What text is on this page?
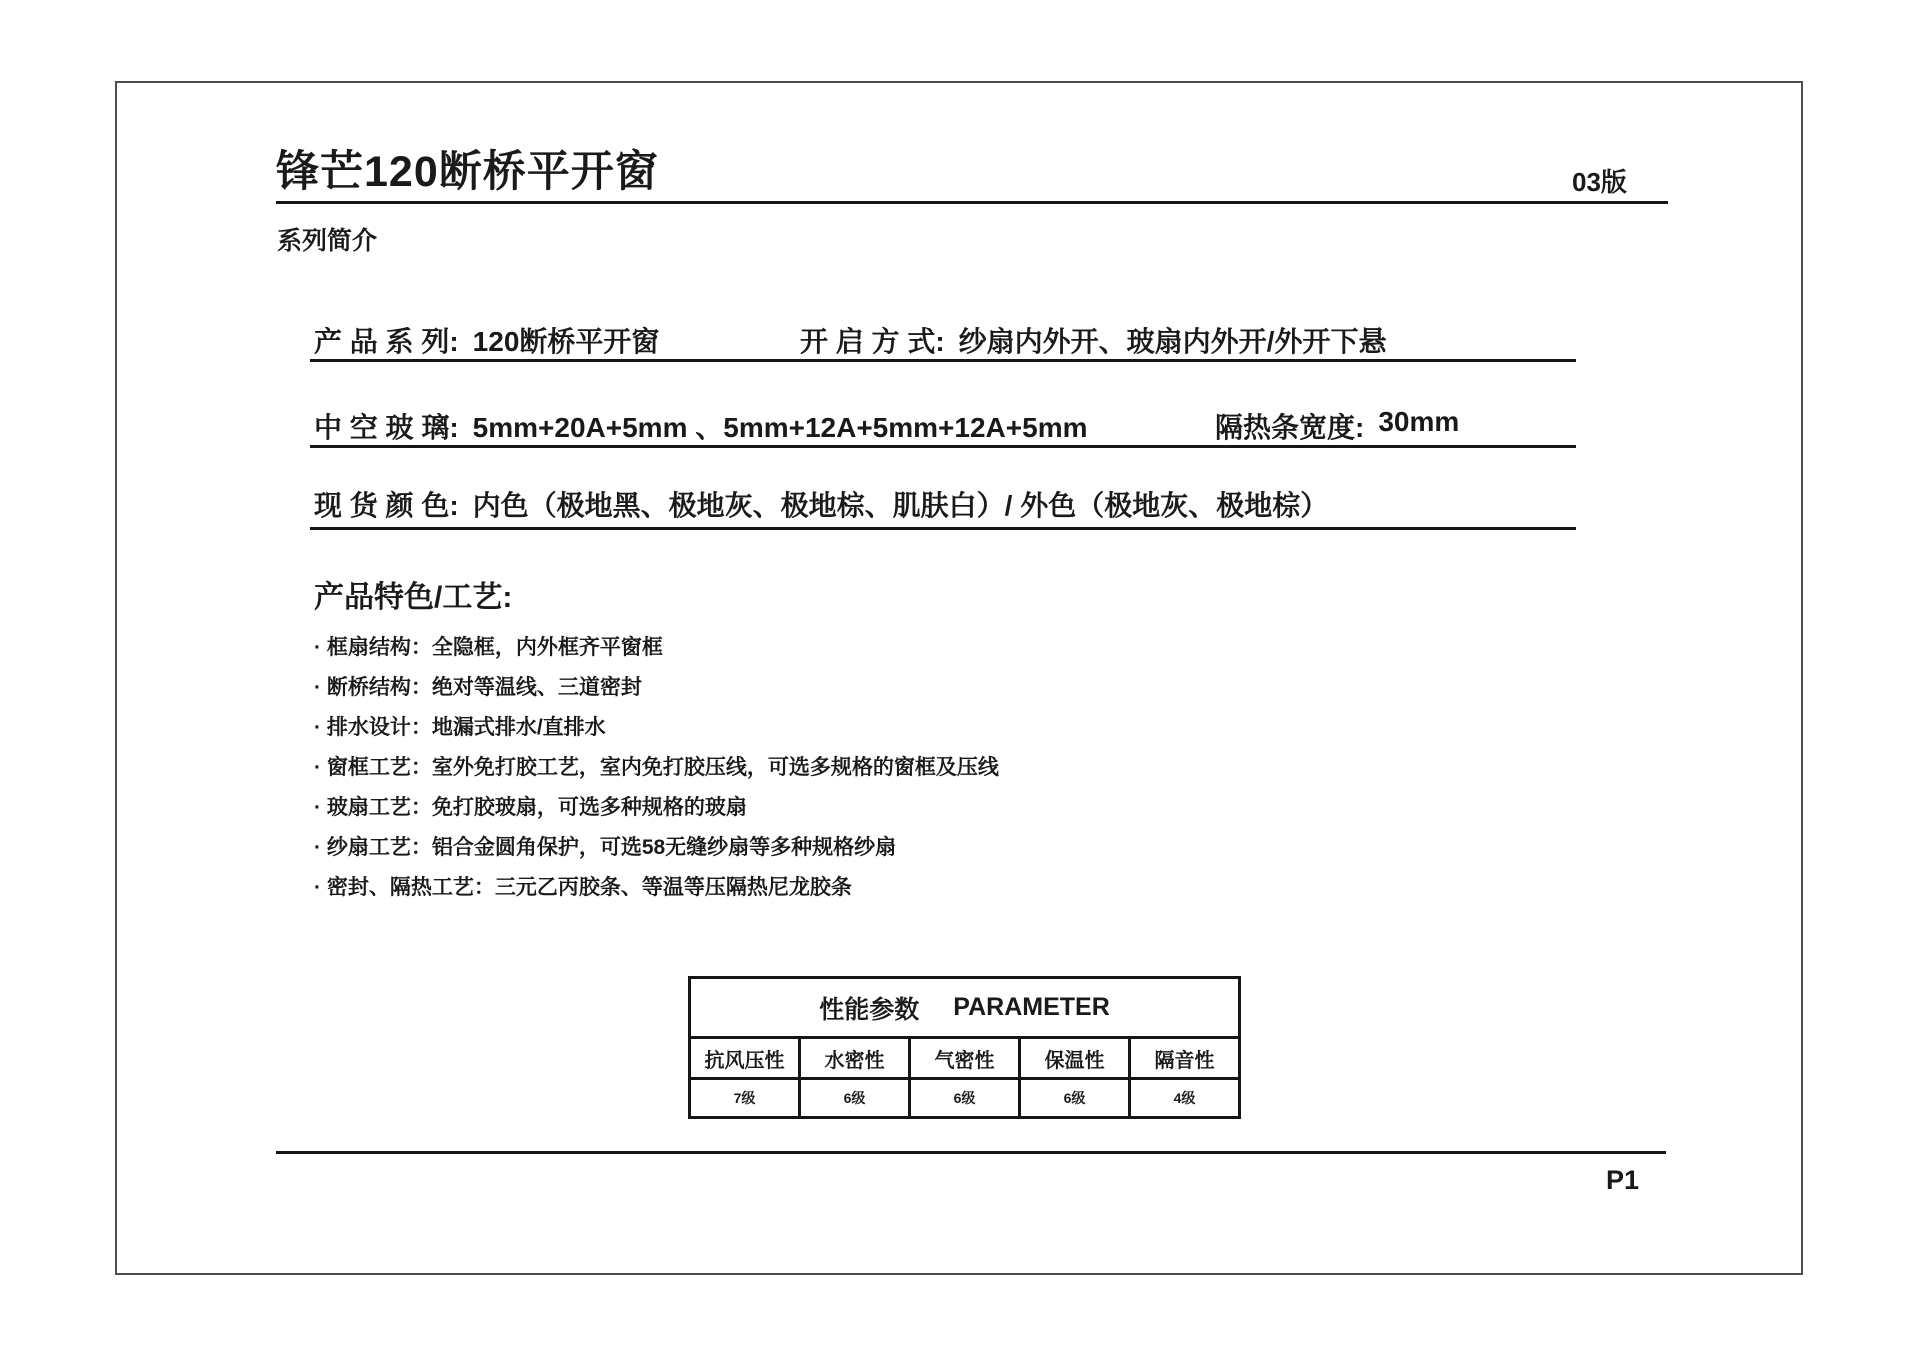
锋芒120断桥平开窗	03版
系列简介
产 品 系 列: 120断桥平开窗	开 启 方 式: 纱扇内外开、玻扇内外开/外开下悬
中 空 玻 璃: 5mm+20A+5mm 、5mm+12A+5mm+12A+5mm	隔热条宽度: 30mm
现 货 颜 色: 内色（极地黑、极地灰、极地棕、肌肤白）/ 外色（极地灰、极地棕）
产品特色/工艺:
· 框扇结构：全隐框，内外框齐平窗框
· 断桥结构：绝对等温线、三道密封
· 排水设计：地漏式排水/直排水
· 窗框工艺：室外免打胶工艺，室内免打胶压线，可选多规格的窗框及压线
· 玻扇工艺：免打胶玻扇，可选多种规格的玻扇
· 纱扇工艺：铝合金圆角保护，可选58无缝纱扇等多种规格纱扇
· 密封、隔热工艺：三元乙丙胶条、等温等压隔热尼龙胶条
性能参数 PARAMETER
抗风压性	水密性	气密性	保温性	隔音性
7级	6级	6级	6级	4级
P1
